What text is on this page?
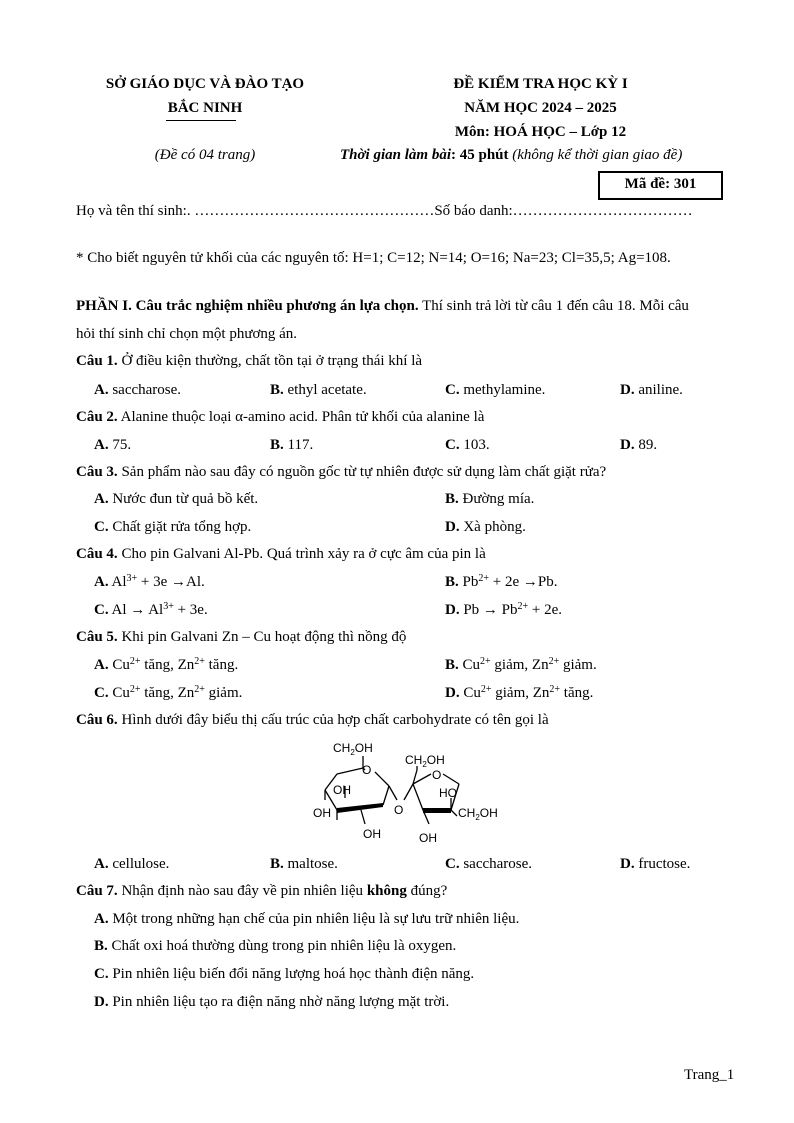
SỞ GIÁO DỤC VÀ ĐÀO TẠO
BẮC NINH
(Đề có 04 trang)
ĐỀ KIỂM TRA HỌC KỲ I
NĂM HỌC 2024 – 2025
Môn: HOÁ HỌC – Lớp 12
Thời gian làm bài: 45 phút (không kể thời gian giao đề)
Mã đề: 301
Họ và tên thí sinh:. …………………………………………Số báo danh:………………………………
* Cho biết nguyên tử khối của các nguyên tố: H=1; C=12; N=14; O=16; Na=23; Cl=35,5; Ag=108.
PHẦN I. Câu trắc nghiệm nhiều phương án lựa chọn. Thí sinh trả lời từ câu 1 đến câu 18. Mỗi câu
hỏi thí sinh chỉ chọn một phương án.
Câu 1. Ở điều kiện thường, chất tồn tại ở trạng thái khí là
A. saccharose.	B. ethyl acetate.	C. methylamine.	D. aniline.
Câu 2. Alanine thuộc loại α-amino acid. Phân tử khối của alanine là
A. 75.	B. 117.	C. 103.	D. 89.
Câu 3. Sản phẩm nào sau đây có nguồn gốc từ tự nhiên được sử dụng làm chất giặt rửa?
A. Nước đun từ quả bồ kết.	B. Đường mía.
C. Chất giặt rửa tổng hợp.	D. Xà phòng.
Câu 4. Cho pin Galvani Al-Pb. Quá trình xảy ra ở cực âm của pin là
A. $Al^{3+} + 3e \to Al$.	B. $Pb^{2+} + 2e \to Pb$.
C. $Al \to Al^{3+} + 3e$.	D. $Pb \to Pb^{2+} + 2e$.
Câu 5. Khi pin Galvani Zn – Cu hoạt động thì nồng độ
A. $Cu^{2+}$ tăng, $Zn^{2+}$ tăng.	B. $Cu^{2+}$ giảm, $Zn^{2+}$ giảm.
C. $Cu^{2+}$ tăng, $Zn^{2+}$ giảm.	D. $Cu^{2+}$ giảm, $Zn^{2+}$ tăng.
Câu 6. Hình dưới đây biểu thị cấu trúc của hợp chất carbohydrate có tên gọi là
$CH_2OH$
O
OH
OH
OH
O
$CH_2OH$
O
HO
OH
$CH_2OH$
A. cellulose.	B. maltose.	C. saccharose.	D. fructose.
Câu 7. Nhận định nào sau đây về pin nhiên liệu không đúng?
A. Một trong những hạn chế của pin nhiên liệu là sự lưu trữ nhiên liệu.
B. Chất oxi hoá thường dùng trong pin nhiên liệu là oxygen.
C. Pin nhiên liệu biến đổi năng lượng hoá học thành điện năng.
D. Pin nhiên liệu tạo ra điện năng nhờ năng lượng mặt trời.
Trang_1
